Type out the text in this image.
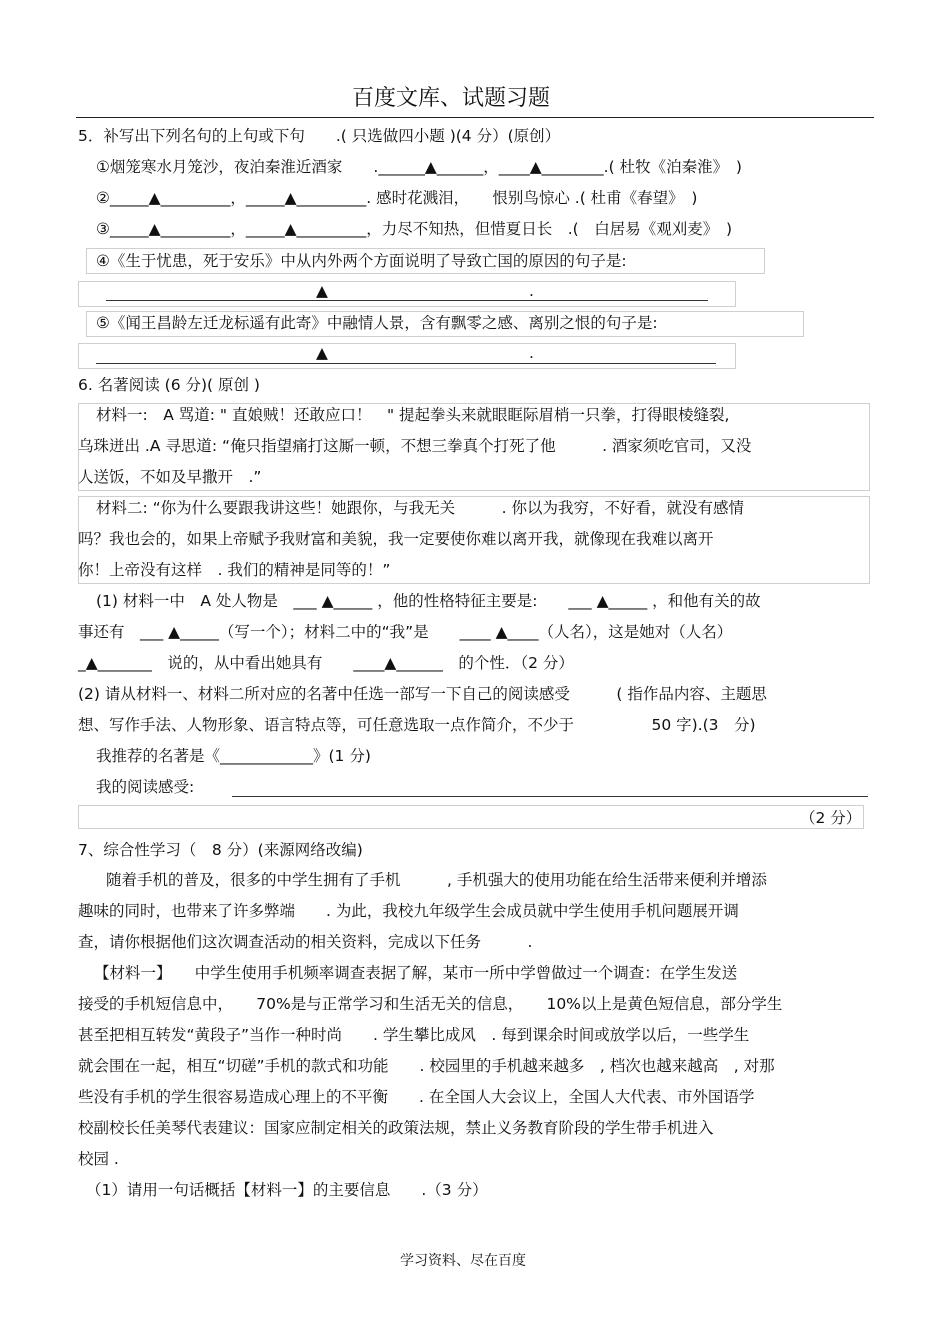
百度文库、试题习题
5．补写出下列名句的上句或下句　　.( 只选做四小题 )(4 分）(原创）
①烟笼寒水月笼沙，夜泊秦淮近酒家　　.______▲______，____▲________.( 杜牧《泊秦淮》　)
②_____▲_________，_____▲_________. 感时花溅泪，　　恨别鸟惊心 .( 杜甫《春望》　)
③_____▲_________，_____▲_________，力尽不知热，但惜夏日长　.(　白居易《观刈麦》　)
④《生于忧患，死于安乐》中从内外两个方面说明了导致亡国的原因的句子是:
▲	.
⑤《闻王昌龄左迁龙标遥有此寄》中融情人景，含有飘零之感、离别之恨的句子是:
▲	.
6. 名著阅读 (6 分)( 原创 )
材料一:　A 骂道: " 直娘贼！还敢应口！　" 提起拳头来就眼眶际眉梢一只拳，打得眼棱缝裂,
乌珠迸出 .A 寻思道: “俺只指望痛打这厮一顿，不想三拳真个打死了他　　　. 酒家须吃官司，又没
人送饭，不如及早撒开　.”
材料二: “你为什么要跟我讲这些！她跟你，与我无关　　　. 你以为我穷，不好看，就没有感情
吗？我也会的，如果上帝赋予我财富和美貌，我一定要使你难以离开我，就像现在我难以离开
你！上帝没有这样　. 我们的精神是同等的！”
(1) 材料一中　A 处人物是　___ ▲_____ ，他的性格特征主要是:　　___ ▲_____ ，和他有关的故
事还有　___ ▲_____（写一个）；材料二中的“我”是　　____ ▲____（人名），这是她对（人名）
_▲_______　说的，从中看出她具有　　____▲______　的个性．（2 分）
(2) 请从材料一、材料二所对应的名著中任选一部写一下自己的阅读感受　　　( 指作品内容、主题思
想、写作手法、人物形象、语言特点等，可任意选取一点作简介，不少于　　　　　50 字).(3　分)
我推荐的名著是《____________》(1 分)
我的阅读感受:
（2 分）
7、综合性学习（　8 分）(来源网络改编)
随着手机的普及，很多的中学生拥有了手机　　　, 手机强大的使用功能在给生活带来便利并增添
趣味的同时，也带来了许多弊端　　. 为此，我校九年级学生会成员就中学生使用手机问题展开调
查，请你根据他们这次调查活动的相关资料，完成以下任务　　　.
【材料一】　　中学生使用手机频率调查表据了解，某市一所中学曾做过一个调查：在学生发送
接受的手机短信息中，　　70%是与正常学习和生活无关的信息，　　10%以上是黄色短信息，部分学生
甚至把相互转发“黄段子”当作一种时尚　　. 学生攀比成风　. 每到课余时间或放学以后，一些学生
就会围在一起，相互“切磋”手机的款式和功能　　. 校园里的手机越来越多　, 档次也越来越高　, 对那
些没有手机的学生很容易造成心理上的不平衡　　. 在全国人大会议上，全国人大代表、市外国语学
校副校长任美琴代表建议：国家应制定相关的政策法规，禁止义务教育阶段的学生带手机进入
校园 .
（1）请用一句话概括【材料一】的主要信息　　.（3 分）
学习资料、尽在百度
